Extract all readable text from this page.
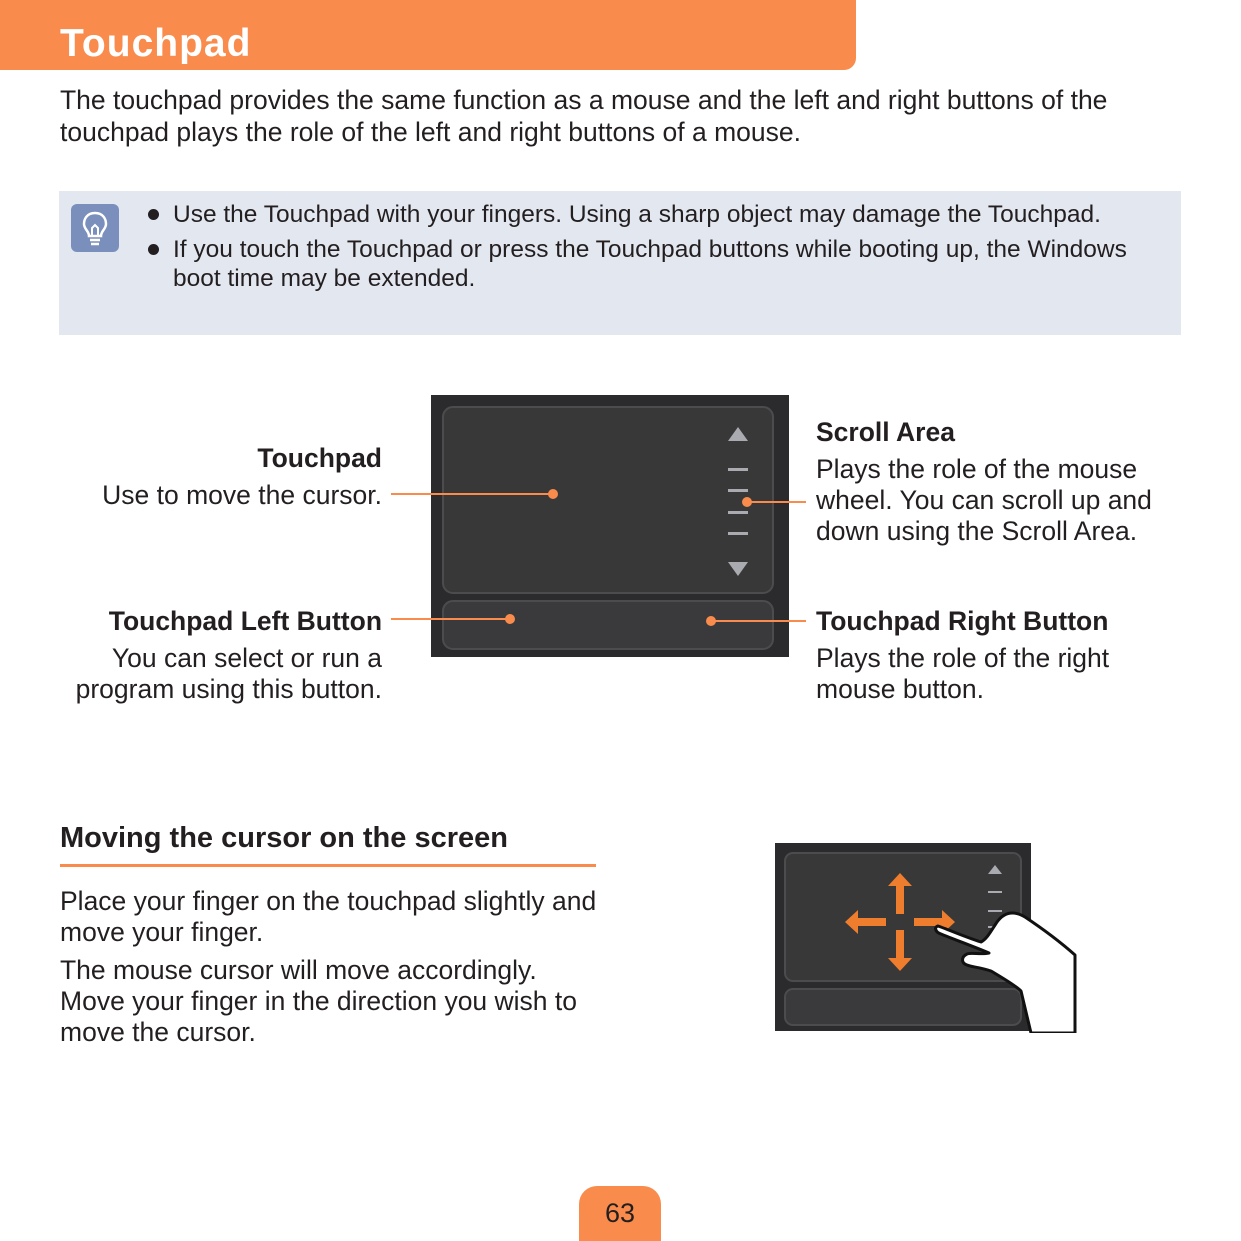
Touchpad
The touchpad provides the same function as a mouse and the left and right buttons of the touchpad plays the role of the left and right buttons of a mouse.
Use the Touchpad with your fingers. Using a sharp object may damage the Touchpad.
If you touch the Touchpad or press the Touchpad buttons while booting up, the Windows boot time may be extended.
Touchpad
Use to move the cursor.
Touchpad Left Button
You can select or run a program using this button.
Scroll Area
Plays the role of the mouse wheel. You can scroll up and down using the Scroll Area.
Touchpad Right Button
Plays the role of the right mouse button.
Moving the cursor on the screen
Place your finger on the touchpad slightly and move your finger.
The mouse cursor will move accordingly. Move your finger in the direction you wish to move the cursor.
63
